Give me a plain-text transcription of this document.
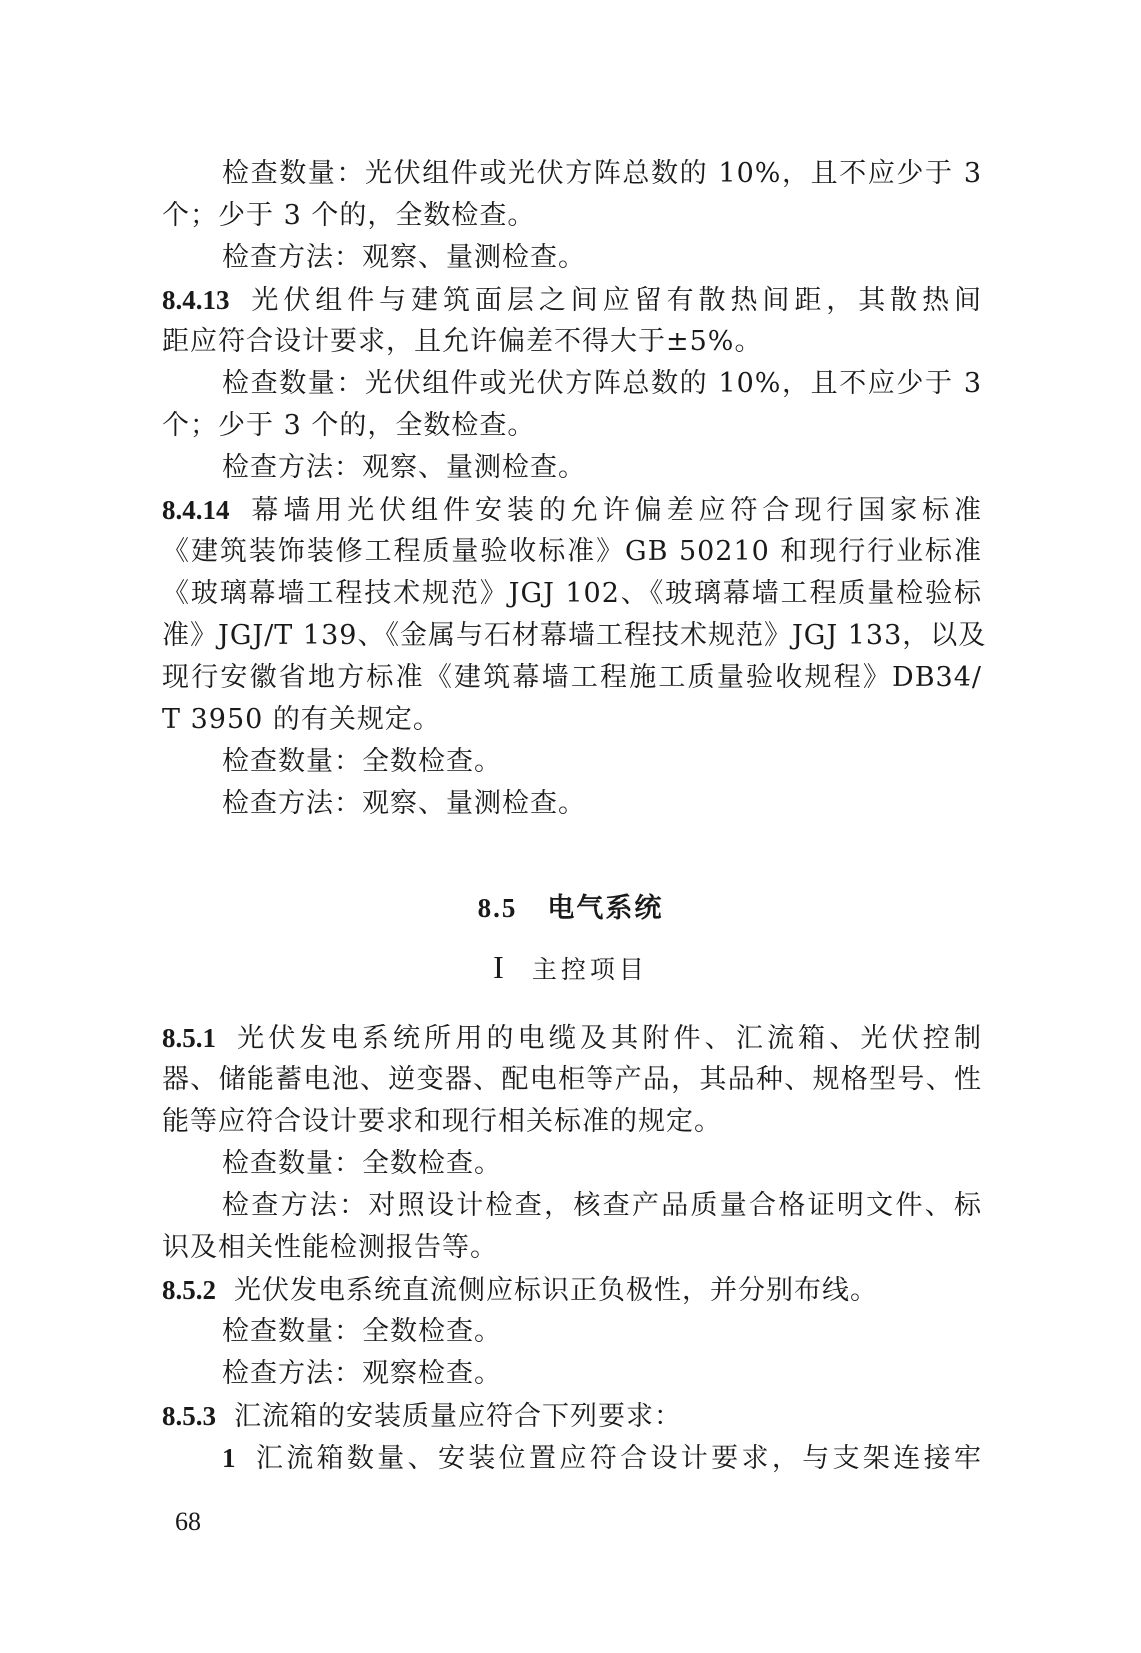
检查数量：光伏组件或光伏方阵总数的 10%，且不应少于 3
个；少于 3 个的，全数检查。
检查方法：观察、量测检查。
8.4.13 光伏组件与建筑面层之间应留有散热间距，其散热间
距应符合设计要求，且允许偏差不得大于±5%。
检查数量：光伏组件或光伏方阵总数的 10%，且不应少于 3
个；少于 3 个的，全数检查。
检查方法：观察、量测检查。
8.4.14 幕墙用光伏组件安装的允许偏差应符合现行国家标准
《建筑装饰装修工程质量验收标准》GB 50210 和现行行业标准
《玻璃幕墙工程技术规范》JGJ 102、《玻璃幕墙工程质量检验标
准》JGJ/T 139、《金属与石材幕墙工程技术规范》JGJ 133，以及
现行安徽省地方标准《建筑幕墙工程施工质量验收规程》DB34/
T 3950 的有关规定。
检查数量：全数检查。
检查方法：观察、量测检查。
8.5 电气系统
I 主控项目
8.5.1 光伏发电系统所用的电缆及其附件、汇流箱、光伏控制
器、储能蓄电池、逆变器、配电柜等产品，其品种、规格型号、性
能等应符合设计要求和现行相关标准的规定。
检查数量：全数检查。
检查方法：对照设计检查，核查产品质量合格证明文件、标
识及相关性能检测报告等。
8.5.2 光伏发电系统直流侧应标识正负极性，并分别布线。
检查数量：全数检查。
检查方法：观察检查。
8.5.3 汇流箱的安装质量应符合下列要求：
1 汇流箱数量、安装位置应符合设计要求，与支架连接牢
68
